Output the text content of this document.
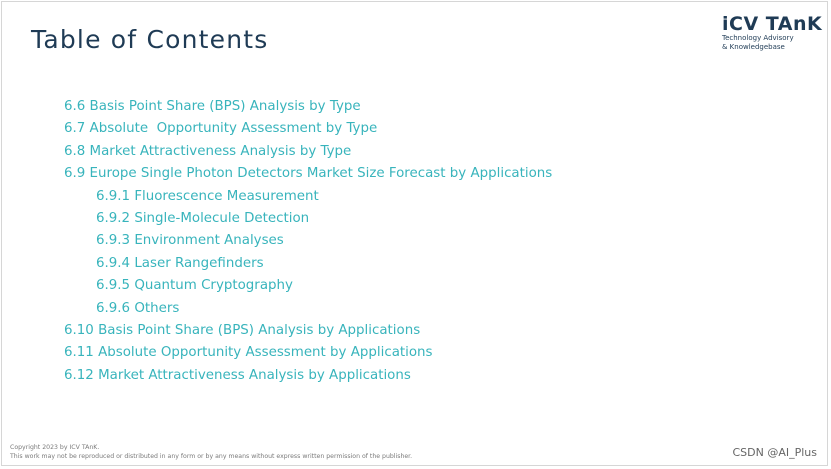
Table of Contents
iCV TAnK
Technology Advisory
& Knowledgebase
6.6 Basis Point Share (BPS) Analysis by Type
6.7 Absolute  Opportunity Assessment by Type
6.8 Market Attractiveness Analysis by Type
6.9 Europe Single Photon Detectors Market Size Forecast by Applications
6.9.1 Fluorescence Measurement
6.9.2 Single-Molecule Detection
6.9.3 Environment Analyses
6.9.4 Laser Rangefinders
6.9.5 Quantum Cryptography
6.9.6 Others
6.10 Basis Point Share (BPS) Analysis by Applications
6.11 Absolute Opportunity Assessment by Applications
6.12 Market Attractiveness Analysis by Applications
Copyright 2023 by ICV TAnK.
This work may not be reproduced or distributed in any form or by any means without express written permission of the publisher.	CSDN @AI_Plus
